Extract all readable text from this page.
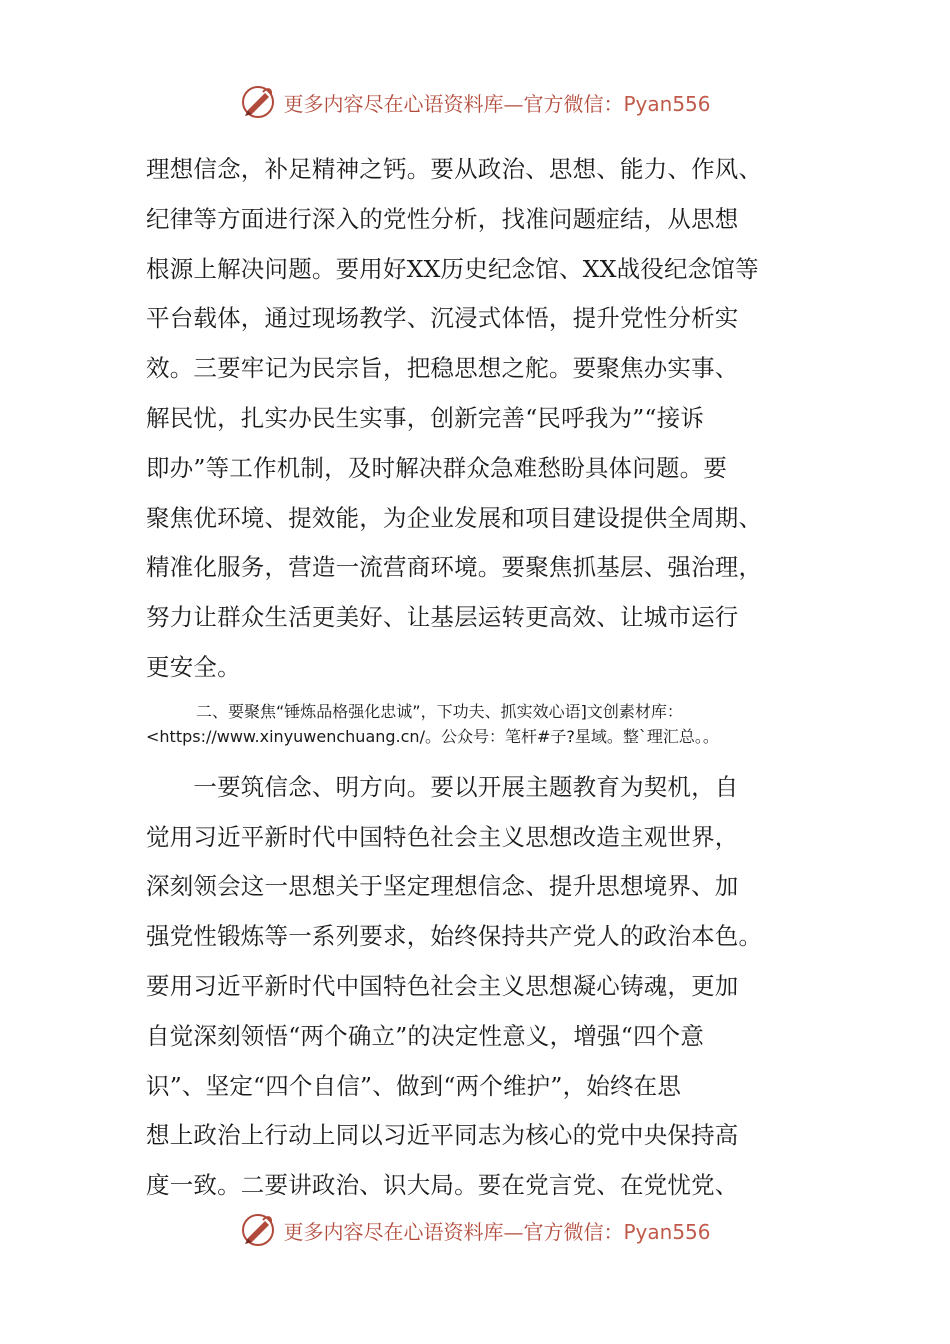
更多内容尽在心语资料库—官方微信：Pyan556
理想信念，补足精神之钙。要从政治、思想、能力、作风、
纪律等方面进行深入的党性分析，找准问题症结，从思想
根源上解决问题。要用好XX历史纪念馆、XX战役纪念馆等
平台载体，通过现场教学、沉浸式体悟，提升党性分析实
效。三要牢记为民宗旨，把稳思想之舵。要聚焦办实事、
解民忧，扎实办民生实事，创新完善“民呼我为”“接诉
即办”等工作机制，及时解决群众急难愁盼具体问题。要
聚焦优环境、提效能，为企业发展和项目建设提供全周期、
精准化服务，营造一流营商环境。要聚焦抓基层、强治理，
努力让群众生活更美好、让基层运转更高效、让城市运行
更安全。
二、要聚焦“锤炼品格强化忠诚”，下功夫、抓实效心语]文创素材库：
<https://www.xinyuwenchuang.cn/。公众号：笔杆#子?星域。整`理汇总。。
　　一要筑信念、明方向。要以开展主题教育为契机，自
觉用习近平新时代中国特色社会主义思想改造主观世界，
深刻领会这一思想关于坚定理想信念、提升思想境界、加
强党性锻炼等一系列要求，始终保持共产党人的政治本色。
要用习近平新时代中国特色社会主义思想凝心铸魂，更加
自觉深刻领悟“两个确立”的决定性意义，增强“四个意
识”、坚定“四个自信”、做到“两个维护”，始终在思
想上政治上行动上同以习近平同志为核心的党中央保持高
度一致。二要讲政治、识大局。要在党言党、在党忧党、
更多内容尽在心语资料库—官方微信：Pyan556
